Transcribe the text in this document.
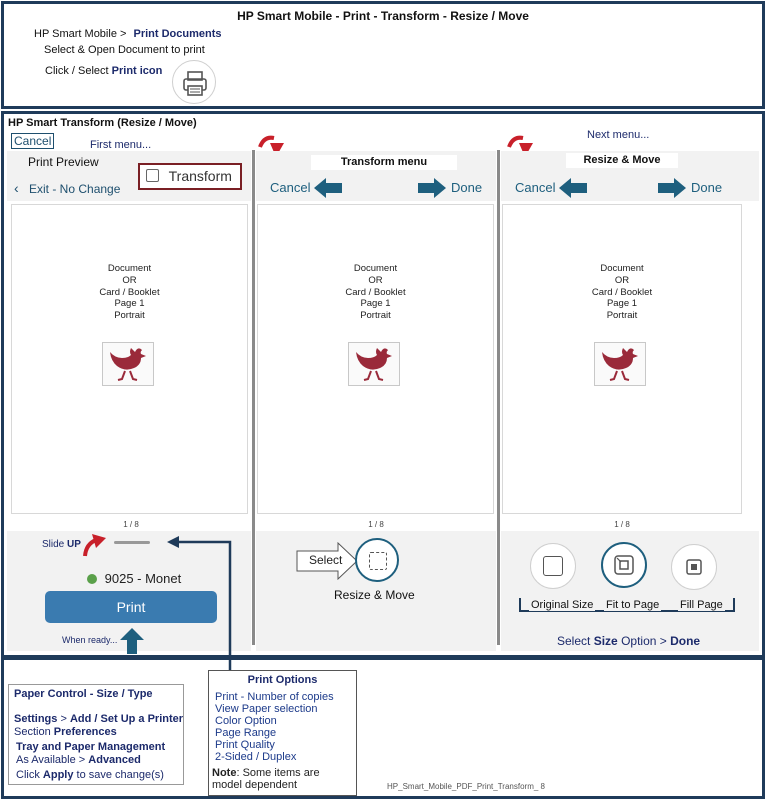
HP Smart Mobile - Print - Transform - Resize / Move
HP Smart Mobile > Print Documents
Select & Open Document to print
Click / Select Print icon
HP Smart Transform (Resize / Move)
Cancel	First menu...
Next menu...
Print Preview
‹ Exit - No Change
Transform
Document
OR
Card / Booklet
Page 1
Portrait
1 / 8
Slide UP
9025 - Monet
Print
When ready...
Transform menu
Cancel	Done
Document
OR
Card / Booklet
Page 1
Portrait
1 / 8
Select
Resize & Move
Resize & Move
Cancel	Done
Document
OR
Card / Booklet
Page 1
Portrait
1 / 8
Original Size Fit to Page Fill Page
Select Size Option > Done
Paper Control - Size / Type
Settings > Add / Set Up a Printer
Section Preferences
Tray and Paper Management
As Available > Advanced
Click Apply to save change(s)
Print Options
Print - Number of copies
View Paper selection
Color Option
Page Range
Print Quality
2-Sided / Duplex
Note: Some items are model dependent	HP_Smart_Mobile_PDF_Print_Transform_ 8
